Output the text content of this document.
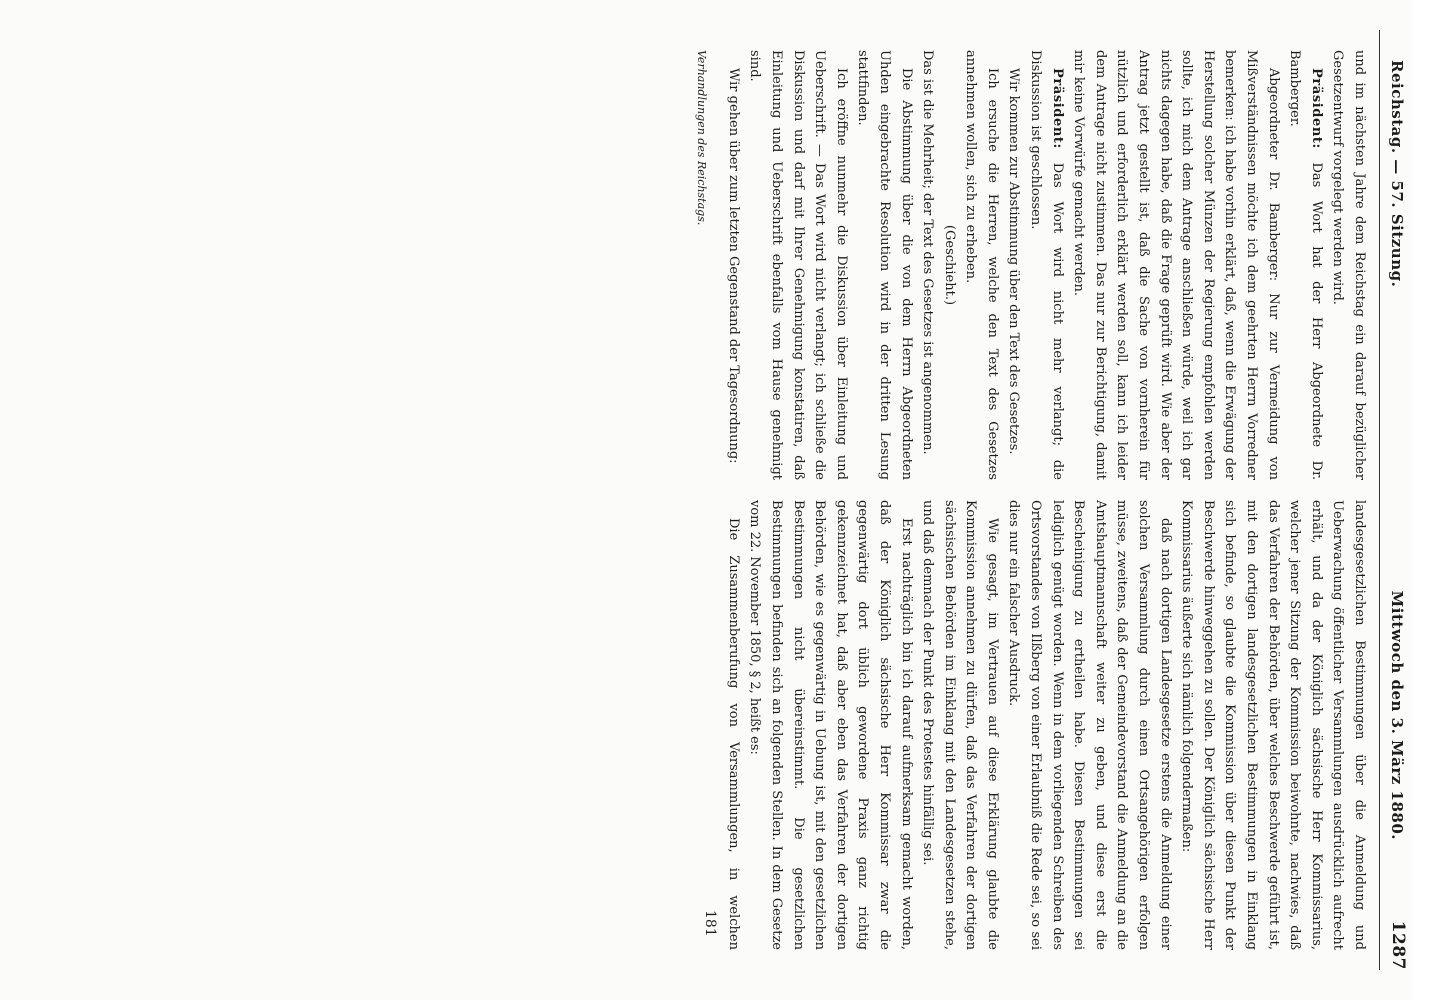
Reichstag. — 57. Sitzung.
Mittwoch den 3. März 1880.
1287

und im nächsten Jahre dem Reichstag ein darauf bezüglicher Gesetzentwurf vorgelegt werden wird.

Präsident: Das Wort hat der Herr Abgeordnete Dr. Bamberger.

Abgeordneter Dr. Bamberger: Nur zur Vermeidung von Mißverständnissen möchte ich dem geehrten Herrn Vorredner bemerken: ich habe vorhin erklärt, daß, wenn die Erwägung der Herstellung solcher Münzen der Regierung empfohlen werden sollte, ich mich dem Antrage anschließen würde, weil ich gar nichts dagegen habe, daß die Frage geprüft wird. Wie aber der Antrag jetzt gestellt ist, daß die Sache von vornherein für nützlich und erforderlich erklärt werden soll, kann ich leider dem Antrage nicht zustimmen. Das nur zur Berichtigung, damit mir keine Vorwürfe gemacht werden.

Präsident: Das Wort wird nicht mehr verlangt; die Diskussion ist geschlossen.

Wir kommen zur Abstimmung über den Text des Gesetzes.

Ich ersuche die Herren, welche den Text des Gesetzes annehmen wollen, sich zu erheben.

(Geschieht.)

Das ist die Mehrheit; der Text des Gesetzes ist angenommen.

Die Abstimmung über die von dem Herrn Abgeordneten Uhden eingebrachte Resolution wird in der dritten Lesung stattfinden.

Ich eröffne nunmehr die Diskussion über Einleitung und Ueberschrift. — Das Wort wird nicht verlangt; ich schließe die Diskussion und darf mit Ihrer Genehmigung konstatiren, daß Einleitung und Ueberschrift ebenfalls vom Hause genehmigt sind.

Wir gehen über zum letzten Gegenstand der Tagesordnung:

landesgesetzlichen Bestimmungen über die Anmeldung und Ueberwachung öffentlicher Versammlungen ausdrücklich aufrecht erhält, und da der Königlich sächsische Herr Kommissarius, welcher jener Sitzung der Kommission beiwohnte, nachwies, daß das Verfahren der Behörden, über welches Beschwerde geführt ist, mit den dortigen landesgesetzlichen Bestimmungen in Einklang sich befinde, so glaubte die Kommission über diesen Punkt der Beschwerde hinweggehen zu sollen. Der Königlich sächsische Herr Kommissarius äußerte sich nämlich folgendermaßen:

daß nach dortigen Landesgesetze erstens die Anmeldung einer solchen Versammlung durch einen Ortsangehörigen erfolgen müsse, zweitens, daß der Gemeindevorstand die Anmeldung an die Amtshauptmannschaft weiter zu geben, und diese erst die Bescheinigung zu ertheilen habe. Diesen Bestimmungen sei lediglich genügt worden. Wenn in dem vorliegenden Schreiben des Ortsvorstandes von Ilßberg von einer Erlaubniß die Rede sei, so sei dies nur ein falscher Ausdruck.

Wie gesagt, im Vertrauen auf diese Erklärung glaubte die Kommission annehmen zu dürfen, daß das Verfahren der dortigen sächsischen Behörden im Einklang mit den Landesgesetzen stehe, und daß demnach der Punkt des Protestes hinfällig sei.

Erst nachträglich bin ich darauf aufmerksam gemacht worden, daß der Königlich sächsische Herr Kommissar zwar die gegenwärtig dort üblich gewordene Praxis ganz richtig gekennzeichnet hat, daß aber eben das Verfahren der dortigen Behörden, wie es gegenwärtig in Uebung ist, mit den gesetzlichen Bestimmungen nicht übereinstimmt. Die gesetzlichen Bestimmungen befinden sich an folgenden Stellen. In dem Gesetze vom 22. November 1850, § 2, heißt es:

Die Zusammenberufung von Versammlungen, in welchen

Verhandlungen des Reichstags.
181
